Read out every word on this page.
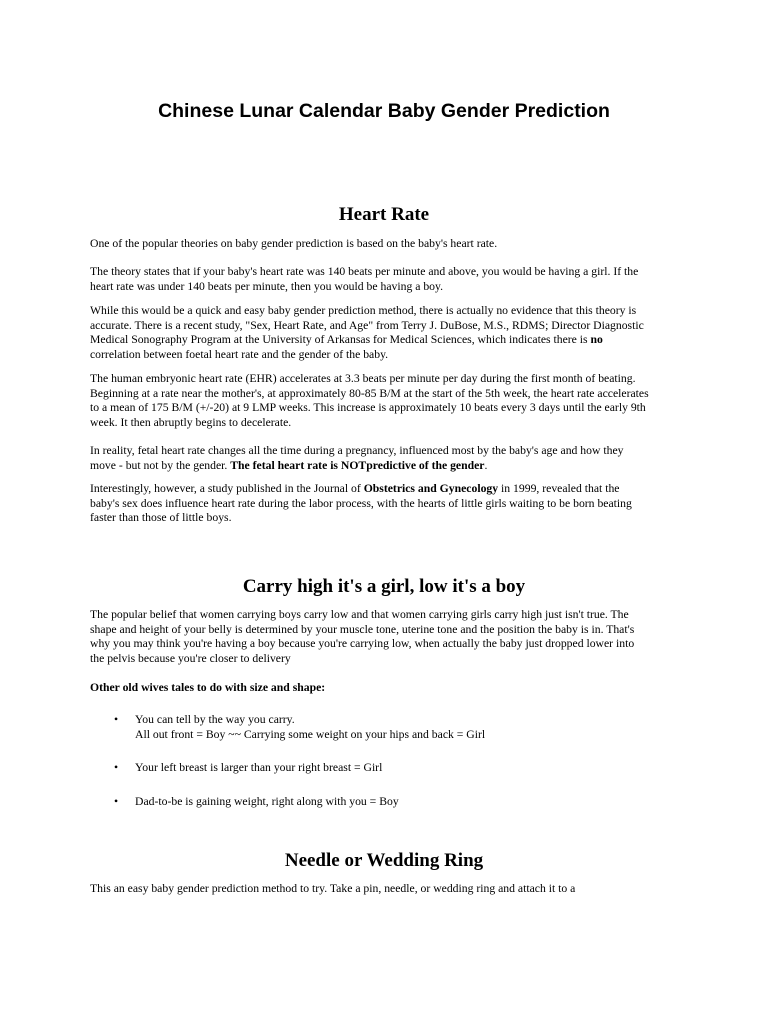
Chinese Lunar Calendar Baby Gender Prediction
Heart Rate

One of the popular theories on baby gender prediction is based on the baby's heart rate.

The theory states that if your baby's heart rate was 140 beats per minute and above, you would be having a girl. If the heart rate was under 140 beats per minute, then you would be having a boy.

While this would be a quick and easy baby gender prediction method, there is actually no evidence that this theory is accurate. There is a recent study, "Sex, Heart Rate, and Age" from Terry J. DuBose, M.S., RDMS; Director Diagnostic Medical Sonography Program at the University of Arkansas for Medical Sciences, which indicates there is no correlation between foetal heart rate and the gender of the baby.

The human embryonic heart rate (EHR) accelerates at 3.3 beats per minute per day during the first month of beating. Beginning at a rate near the mother's, at approximately 80-85 B/M at the start of the 5th week, the heart rate accelerates to a mean of 175 B/M (+/-20) at 9 LMP weeks. This increase is approximately 10 beats every 3 days until the early 9th week. It then abruptly begins to decelerate.

In reality, fetal heart rate changes all the time during a pregnancy, influenced most by the baby's age and how they move - but not by the gender. The fetal heart rate is NOTpredictive of the gender.

Interestingly, however, a study published in the Journal of Obstetrics and Gynecology in 1999, revealed that the baby's sex does influence heart rate during the labor process, with the hearts of little girls waiting to be born beating faster than those of little boys.

Carry high it's a girl, low it's a boy

The popular belief that women carrying boys carry low and that women carrying girls carry high just isn't true. The shape and height of your belly is determined by your muscle tone, uterine tone and the position the baby is in. That's why you may think you're having a boy because you're carrying low, when actually the baby just dropped lower into the pelvis because you're closer to delivery

Other old wives tales to do with size and shape:

• You can tell by the way you carry.
All out front = Boy ~~ Carrying some weight on your hips and back = Girl
• Your left breast is larger than your right breast = Girl
• Dad-to-be is gaining weight, right along with you = Boy
Needle or Wedding Ring

This an easy baby gender prediction method to try. Take a pin, needle, or wedding ring and attach it to a
